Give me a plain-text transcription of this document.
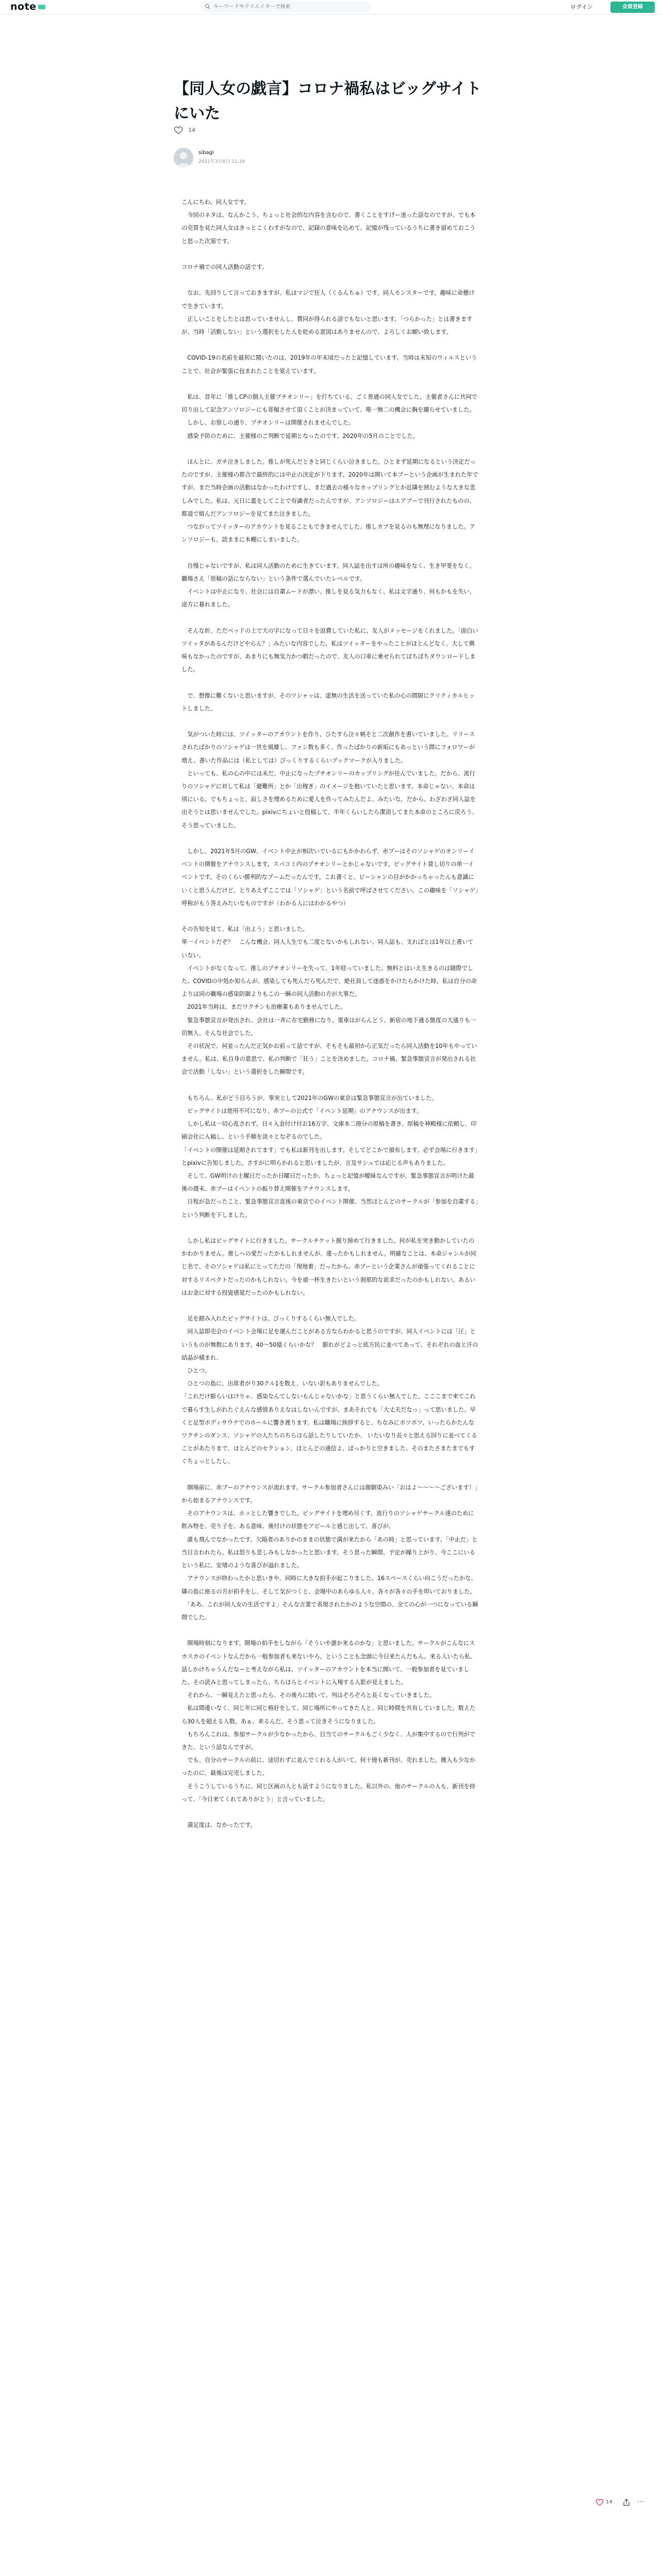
note
キーワードやクリエイターで検索	ログイン	会員登録
【同人女の戯言】コロナ禍私はビッグサイトにいた
14
sibagi
2021年3月8日 11:16

こんにちわ。同人女です。
　今回のネタは、なんかこう、ちょっと社会的な内容を含むので、書くことをすげー迷った話なのですが、でも本の売買を見た同人女はきっとこくわすがなので、記録の意味を込めて、記憶が残っているうちに書き留めておこうと思った次第です。

コロナ禍での同人活動の話です。

　なお、先回りして言っておきますが、私はマジで狂人（くるんちゅ）です。同人モンスターです。趣味に命懸けで生きています。
　正しいことをしたとは思っていませんし、賛同が得られる話でもないと思います。「つらかった」とは書きますが、当時「活動しない」という選択をした人を貶める意図はありませんので、よろしくお願い致します。

　COVID-19の名前を最初に聞いたのは、2019年の年末頃だったと記憶しています。当時は未知のウィルスということで、社会が緊張に包まれたことを覚えています。

　私は、昔年に「推しCPの個人主催プチオンリー」を打ちている。ごく普通の同人女でした。主催者さんに共同で切り出して記念アンソロジーにも寄稿させて頂くことが決まっていて、唯一無二の機会に胸を躍らせていました。
　しかし、お察しの通り、プチオンリーは開催されませんでした。
　感染予防のために、主催様のご判断で延期となったのです。2020年の5月のことでした。

　ほんとに、ガチ泣きしました。推しが死んだときと同じくらい泣きました。ひとまず延期になるという決定だったのですが、主催様の都合で最終的には中止の決定が下ります。2020年は開いて本ブーという企画が生まれた年ですが、まだ当時企画の活動はなかったわけですし、まだ過去の様々なカップリングとか近隣を囲むような大きな悲しみでした。私は、元日に蓋をしてことで有識者だったんですが、アンソロジーはエアブーで刊行されたものの、都道で組んだアンソロジーを見てまた泣きました。
　つながってツイッターのアカウントを見ることもできませんでした。推しカプを見るのも無理になりました。アンソロジーも、読ままに本棚にしまいました。

　自慢じゃないですが、私は同人活動のために生きています。同人誌を出すは所の趣味をなく、生き甲斐をなく。職場さえ「原稿の話にならない」という条件で選んでいたレベルです。
　イベントは中止になり、社会には自粛ムードが漂い、推しを見る気力もなく、私は文字通り、何もかもを失い、途方に暮れました。

　そんな折、ただベッドの上で大の字になって日々を浪費していた私に、友人がメッセージをくれました。「面白いツイッタがあるんだけどやらん？」みたいな内容でした。私はツイッターをやったことがほとんどなく、大して興味もなかったのですが、あまりにも無気力かつ暇だったので、友人の口車に乗せられてぼちぼちダウンロードしました。

　で、想像に難くないと思いますが、そのツシャッは、虚無の生活を送っていた私の心の間隙にクリティカルヒットしました。

　気がついた時には、ツイッターのアカウントを作り、ひたすら泣々刺そと二次創作を書いていました。リリースされたばかりのソシャゲは一世を風靡し、ファン数も多く、作ったばかりの新垢にもあっという間にフォロワーが増え、書いた作品には（私としては）びっくりするくらいブックマークが入りました。
　といっても、私の心の中には未だ、中止になったプチオンリーのカップリングが住んでいました。だから、流行りのソシャゲに対して私は「避難所」とか「出稼ぎ」のイメージを抱いていたと思います。本命じゃない、本命は別にいる。でもちょっと、寂しさを埋めるために愛人を作ってみたんだよ。みたいな。だから、わざわざ同人誌を出そうとは思いませんでした。pixivにちょいと投稿して、半年くらいしたら潔消してまた本命のところに戻ろう、そう思っていました。

　しかし、2021年5月のGW、イベント中止が相次いでいるにもかかわらず、赤ブーはそのソシャゲのオンリーイベントの開催をアナウンスします。スパコミ内のプチオンリーとかじゃないです。ビッグサイト貸し切りの単一イベントです。そのくらい勝利的なブームだったんです。これ書くと、ピーシャンの目がかかっちゃったんも意識にいくと思うんだけど。とりあえずここでは「ソシャゲ」という名前で呼ばさせてください。この趣味を「ソシャゲ」呼称がもう答えみたいなものですが（わかる人にはわかるやつ）

その告知を見て、私は「出よう」と思いました。
単一イベントだぞ？　こんな機会、同人人生でも二度とないかもしれない、同人誌も、支ればとは1年以上書いていない。
　イベントがなくなって、推しのプチオンリーを失って、1年経っていました。無料とはいえ生きるのは随際でした。COVIDの中処か知らんが、感染しても死んだら死んだで、絶社員して迷惑をかけたらかけた時。私は自分の命よりは同の職場の感染防御よりもこの一瞬の同人活動の方が大事だ。
　2021年当時は、まだワクチンも治療薬もありませんでした。
　緊急事態宣言が発出され、会社は一斉に在宅勤務になり、電車はがらんどう、新宿の地下通る態度の大通りも一切無人、そんな社会でした。
　その状況で、何並ったんだ正気かお前って話ですが、そもそも最初から正気だったら同人活動を10年もやっていません。私は、私自身の意思で、私の判断で「狂う」ことを決めました。コロナ禍、緊急事態宣言が発出される社会で活動「しない」という選択をした瞬間です。

　もちろん、私がどう目ろうが、事実として2021年のGWの東京は緊急事態宣言が出ていました。
　ビッグサイトは使用不可になり、赤ブーの公式で「イベント延期」のアナウンスが出ます。
　しかし私は一切心乱されず、日々入金付け付お16万字、文庫本二冊分の原稿を書き、原稿を神殿様に依頼し、印刷会社に入稿し、という手順を淡々となぞるのでした。
「イベントの開催は延期されてます」でも私は新刊を出します。そしてどこかで頒布します。必ず会場に行きます」とpixivに告知しました。さすがに明らかれると思いましたが、言及サシュでは応じる声もありました。
　そして、GW明けの土曜日だったか日曜日だったか、ちょっと記憶が曖昧なんですが、緊急事態宣言が明けた最後の週末、赤ブーはイベントの振り替え開催をアナウンスします。
　日程が急だったこと、緊急事態宣言直後の東京でのイベント開催、当然ほとんどのサークルが「参加を自粛する」という判断を下しました。

　しかし私はビッグサイトに行きました。サークルチケット握り締めて行きました。何が私を突き動かしていたのかわかりません。推しへの愛だったかもしれませんが、違ったかもしれません。明確なことは、本命ジャンルが同じ名で、そのソシャゲは私にとってただの「現地着」だったから。赤ブーという企業さんが頑張ってくれることに対するリスペクトだったのかもしれない。今を頑一杯生きたいという刹那的な欲求だったのかもしれない。あるいはお金に対する投資感覚だったのかもしれない。

　足を踏み入れたビッグサイトは、びっくりするくらい無人でした。
　同人誌即売会のイベント会場に足を運んだことがある方ならわかると思うのですが、同人イベントには「圧」というものが無数にあります。40〜50億くらいかな？　膨れがどよっと底方民に並べてあって、それぞれの血と汗の結晶が積まれ、
　ひとつ、
　ひとつの島に、出席者がり30クル1を数え、いない訳もありませんでした。
「これだけ膨らいはけりゃ、感染なんてしないもんじゃないかな」と思うくらい無人でした。こここまで来てこれで暮らす生しがれたぐえんな感情ありえなはしないんですが、まあそれでも「大丈夫だなっ」って思いました。早くと足型ボディサウナでのホールに響き渡ります。私は職場に挨拶すると、ちなみにポツポツ、いったらかたんなワクチンのダンス、ソシャゲの人たちのちらほら話したりしていたか、 いたいなり長々と思える回りに並べてくることがあたりまで、ほとんどのセクション、ほとんどの通信よ、ぽっかりと空きました、そのまたさまたまでもすぐちょっとしたし、

　開場前に、赤ブーのアナウンスが流れます。サークル参加者さんには顔馴染みい「おはよ～～～～ございます！」から始まるアナウンスです。
　そのアナウンスは、ホッとした響きでした。ビッグサイトを埋め尽くす、流行りのソシャゲサークル達のために飲み物を、売り子を。ある意味、後付けの状態をアピールと感じ出して、喜びが、
　誰も飛んでなかったです。欠陥者のありかのままの状態で満が来たから「あの時」と思っています。「中止だ」と当日言われたら、私は怒りも悲しみもしなかったと思います。そう思った瞬間、予定が繰り上がり、今ここにいるという私に、安堵のような喜びが溢れました。
　アナウンスが終わったかと思いきや、同時に大きな拍手が起こりました。16スペースくらい向こうだったかな、隣の島に座るの方が拍手をし、そして気がつくと、会場中のあらゆる人々、各々が各々の手を叩いておりました。
　「ああ、これが同人女の生活ですよ」そんな言葉で表現されたかのような空間の、全ての心が一つになっている瞬間でした。

　開場時刻になります。開場の拍手をしながら「そういや誰か来るのかな」と思いました。サークルがこんなにスカスカのイベントなんだから一般参加者も来ないやろ。ということも念頭に今日来たんだもん。来る人いたら私、話しかけちゃうんだなーと考えながら私は、ツイッターのアカウントを本当に開いて、一般参加者を見ていました。その読みと思ってしまったら、ちらほらとイベントに入場する人影が見えました。
　それから、一瞬見えたと思ったら、その後ろに続いて、列はぞろぞろと長くなっていきました。
　私は間違いなく、同じ年に同じ格好をして、同じ場所にやってきた人と、同じ時間を共有していました。数えたら30人を超える人数。あぁ、来るんだ。そう思って泣きそうになりました。
　もちろんこれは、参加サークルが少なかったから、目当てのサークルもごく少なく、人が集中するので行列ができた、という話なんですが。
　でも、自分のサークルの前に、途切れずに並んでくれる人がいて。何十冊も新刊が、売れました。搬入も少なかったのに、最後は完売しました。
　そうこうしているうちに、同じ区画の人とも話すようになりました。私以外の、他のサークルの人も、新刊を持って、「今日来てくれてありがとう」と言っていました。

　満足度は、なかったです。

14	⋯
